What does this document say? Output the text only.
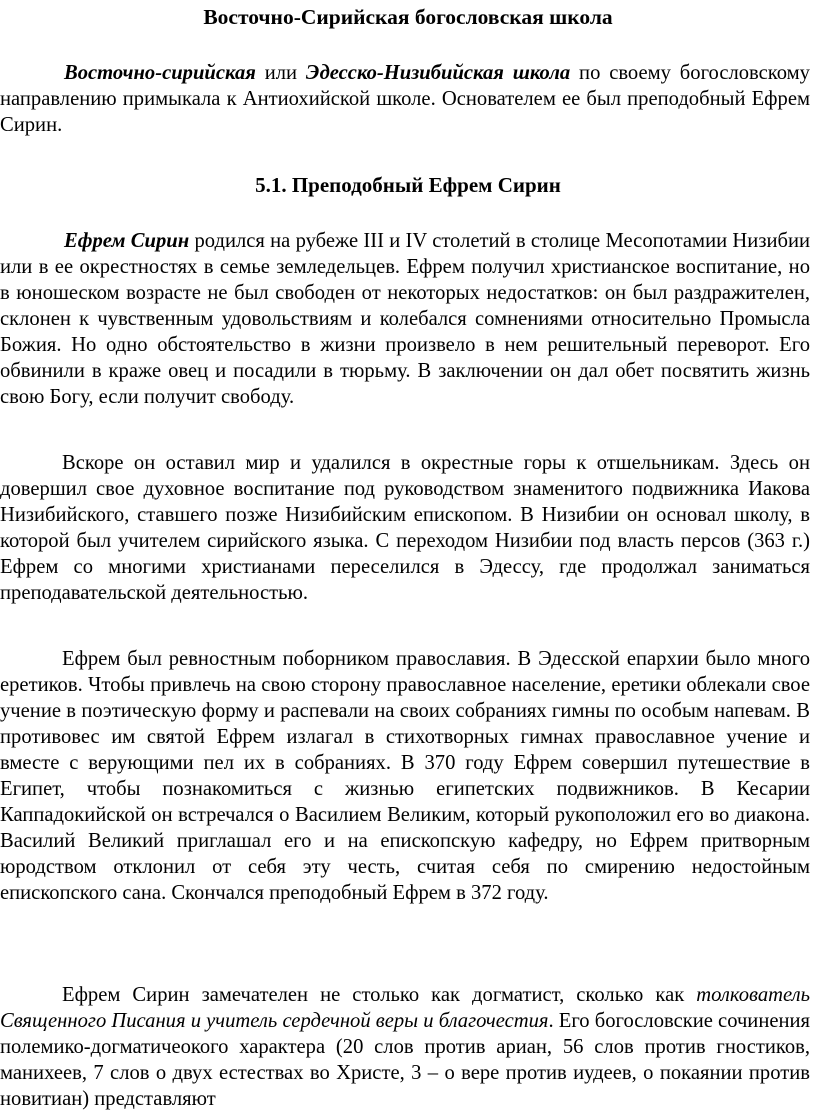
Восточно-Сирийская богословская школа

Восточно-сирийская или Эдесско-Низибийская школа по своему богословскому направлению примыкала к Антиохийской школе. Основателем ее был преподобный Ефрем Сирин.

5.1. Преподобный Ефрем Сирин

Ефрем Сирин родился на рубеже III и IV столетий в столице Месопотамии Низибии или в ее окрестностях в семье земледельцев. Ефрем получил христианское воспитание, но в юношеском возрасте не был свободен от некоторых недостатков: он был раздражителен, склонен к чувственным удовольствиям и колебался сомнениями относительно Промысла Божия. Но одно обстоятельство в жизни произвело в нем решительный переворот. Его обвинили в краже овец и посадили в тюрьму. В заключении он дал обет посвятить жизнь свою Богу, если получит свободу.

Вскоре он оставил мир и удалился в окрестные горы к отшельникам. Здесь он довершил свое духовное воспитание под руководством знаменитого подвижника Иакова Низибийского, ставшего позже Низибийским епископом. В Низибии он основал школу, в которой был учителем сирийского языка. С переходом Низибии под власть персов (363 г.) Ефрем со многими христианами переселился в Эдессу, где продолжал заниматься преподавательской деятельностью.

Ефрем был ревностным поборником православия. В Эдесской епархии было много еретиков. Чтобы привлечь на свою сторону православное население, еретики облекали свое учение в поэтическую форму и распевали на своих собраниях гимны по особым напевам. В противовес им святой Ефрем излагал в стихотворных гимнах православное учение и вместе с верующими пел их в собраниях. В 370 году Ефрем совершил путешествие в Египет, чтобы познакомиться с жизнью египетских подвижников. В Кесарии Каппадокийской он встречался о Василием Великим, который рукоположил его во диакона. Василий Великий приглашал его и на епископскую кафедру, но Ефрем притворным юродством отклонил от себя эту честь, считая себя по смирению недостойным епископского сана. Скончался преподобный Ефрем в 372 году.

Ефрем Сирин замечателен не столько как догматист, сколько как толкователь Священного Писания и учитель сердечной веры и благочестия. Его богословские сочинения полемико-догматичеокого характера (20 слов против ариан, 56 слов против гностиков, манихеев, 7 слов о двух естествах во Христе, 3 – о вере против иудеев, о покаянии против новитиан) представляют
